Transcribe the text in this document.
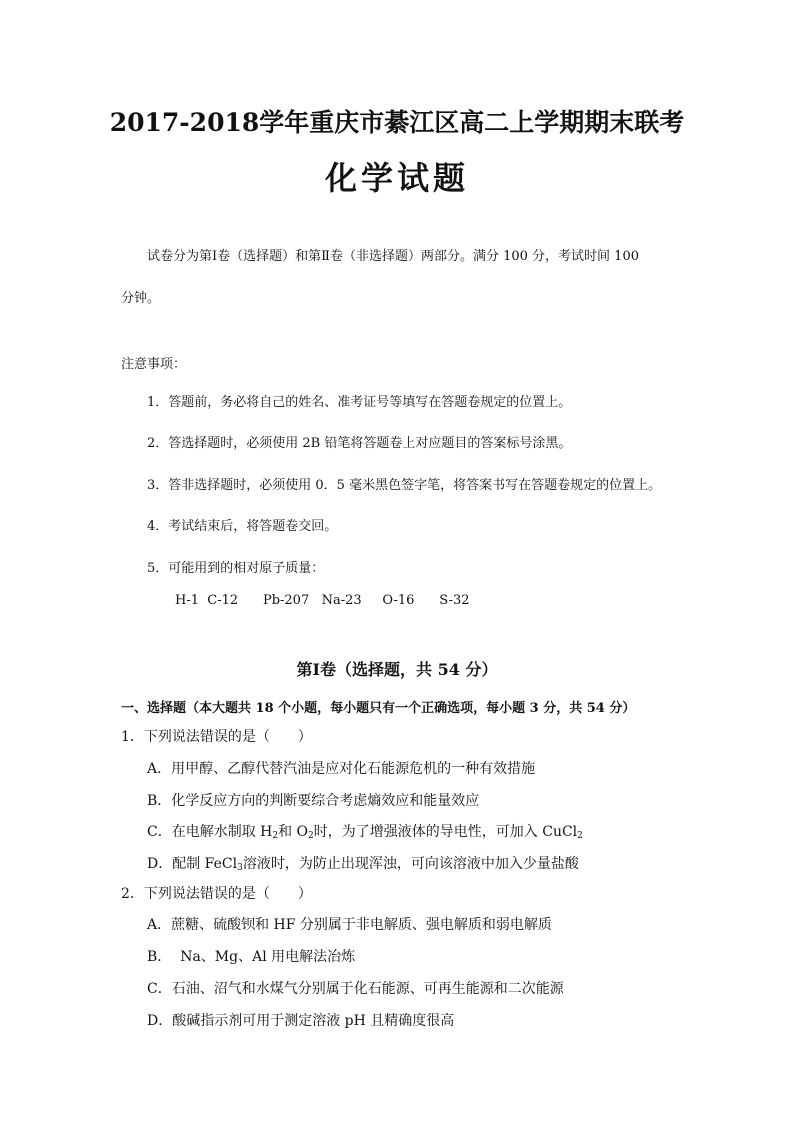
2017-2018学年重庆市綦江区高二上学期期末联考
化学试题
试卷分为第Ⅰ卷（选择题）和第Ⅱ卷（非选择题）两部分。满分 100 分，考试时间 100
分钟。
注意事项：
1．答题前，务必将自己的姓名、准考证号等填写在答题卷规定的位置上。
2．答选择题时，必须使用 2B 铅笔将答题卷上对应题目的答案标号涂黑。
3．答非选择题时，必须使用 0．5 毫米黑色签字笔，将答案书写在答题卷规定的位置上。
4．考试结束后，将答题卷交回。
5．可能用到的相对原子质量：
H-1  C-12      Pb-207   Na-23     O-16      S-32
第Ⅰ卷（选择题，共 54 分）
一、选择题（本大题共 18 个小题，每小题只有一个正确选项，每小题 3 分，共 54 分）
1．下列说法错误的是（　　）
A．用甲醇、乙醇代替汽油是应对化石能源危机的一种有效措施
B．化学反应方向的判断要综合考虑熵效应和能量效应
C．在电解水制取 $H_2$和 $O_2$时，为了增强液体的导电性，可加入 CuCl$_2$
D．配制 FeCl$_3$溶液时，为防止出现浑浊，可向该溶液中加入少量盐酸
2．下列说法错误的是（　　）
A．蔗糖、硫酸钡和 HF 分别属于非电解质、强电解质和弱电解质
B．  Na、Mg、Al 用电解法冶炼
C．石油、沼气和水煤气分别属于化石能源、可再生能源和二次能源
D．酸碱指示剂可用于测定溶液 pH 且精确度很高
